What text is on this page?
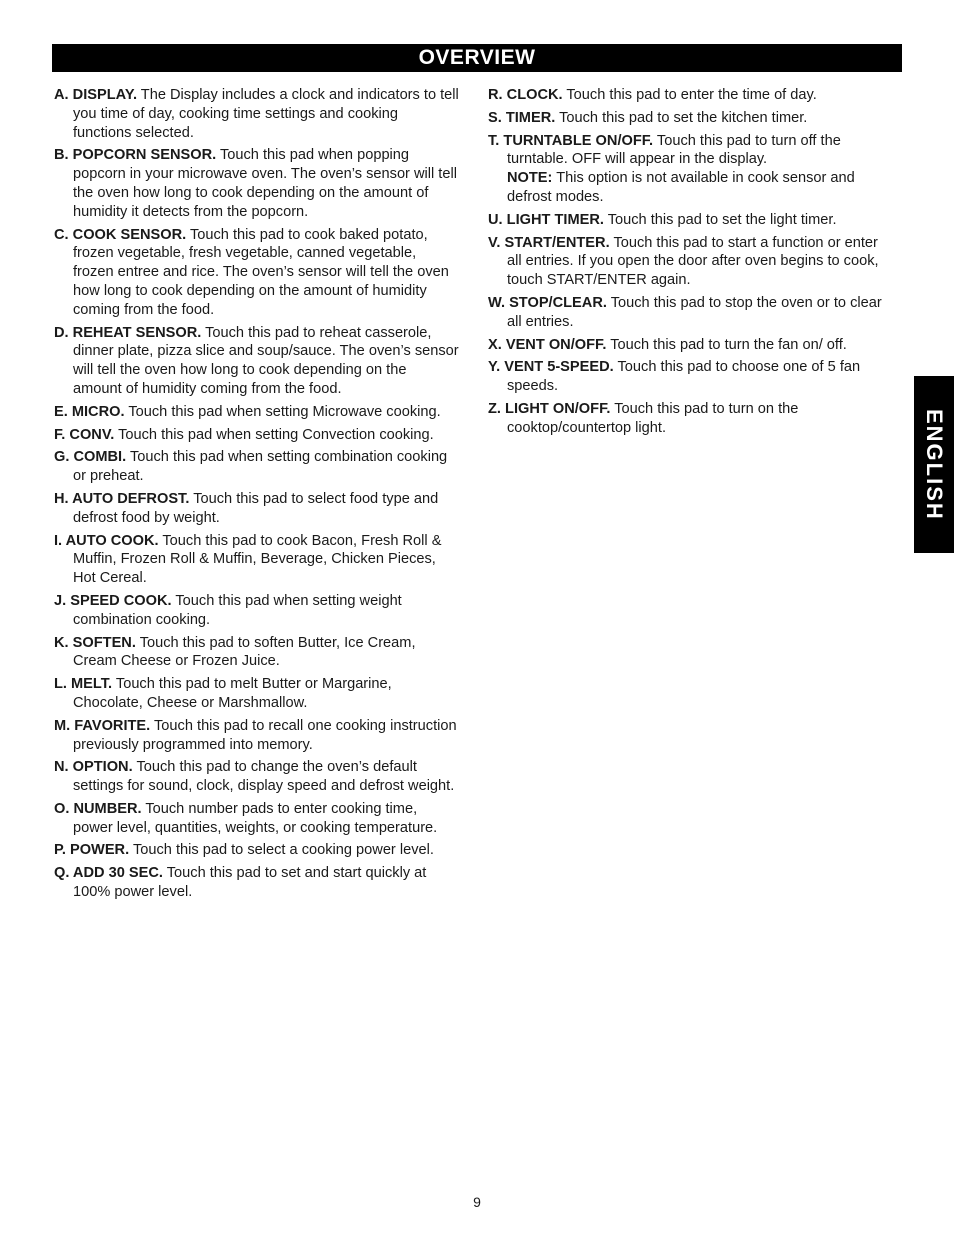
OVERVIEW

A. DISPLAY. The Display includes a clock and indicators to tell you time of day, cooking time settings and cooking functions selected.

B. POPCORN SENSOR. Touch this pad when popping popcorn in your microwave oven. The oven’s sensor will tell the oven how long to cook depending on the amount of humidity it detects from the popcorn.

C. COOK SENSOR. Touch this pad to cook baked potato, frozen vegetable, fresh vegetable, canned vegetable, frozen entree and rice. The oven’s sensor will tell the oven how long to cook depending on the amount of humidity coming from the food.

D. REHEAT SENSOR. Touch this pad to reheat casserole, dinner plate, pizza slice and soup/sauce. The oven’s sensor will tell the oven how long to cook depending on the amount of humidity coming from the food.

E. MICRO. Touch this pad when setting Microwave cooking.

F. CONV. Touch this pad when setting Convection cooking.

G. COMBI. Touch this pad when setting combination cooking or preheat.

H. AUTO DEFROST. Touch this pad to select food type and defrost food by weight.

I. AUTO COOK. Touch this pad to cook Bacon, Fresh Roll & Muffin, Frozen Roll & Muffin, Beverage, Chicken Pieces, Hot Cereal.

J. SPEED COOK. Touch this pad when setting weight combination cooking.

K. SOFTEN. Touch this pad to soften Butter, Ice Cream, Cream Cheese or Frozen Juice.

L. MELT. Touch this pad to melt Butter or Margarine, Chocolate, Cheese or Marshmallow.

M. FAVORITE. Touch this pad to recall one cooking instruction previously programmed into memory.

N. OPTION. Touch this pad to change the oven’s default settings for sound, clock, display speed and defrost weight.

O. NUMBER. Touch number pads to enter cooking time, power level, quantities, weights, or cooking temperature.

P. POWER. Touch this pad to select a cooking power level.

Q. ADD 30 SEC. Touch this pad to set and start quickly at 100% power level.

R. CLOCK. Touch this pad to enter the time of day.

S. TIMER. Touch this pad to set the kitchen timer.

T. TURNTABLE ON/OFF. Touch this pad to turn off the turntable. OFF will appear in the display.
NOTE: This option is not available in cook sensor and defrost modes.

U. LIGHT TIMER. Touch this pad to set the light timer.

V. START/ENTER. Touch this pad to start a function or enter all entries. If you open the door after oven begins to cook, touch START/ENTER again.

W. STOP/CLEAR. Touch this pad to stop the oven or to clear all entries.

X. VENT ON/OFF. Touch this pad to turn the fan on/ off.

Y. VENT 5-SPEED. Touch this pad to choose one of 5 fan speeds.

Z. LIGHT ON/OFF. Touch this pad to turn on the cooktop/countertop light.	ENGLISH
9
